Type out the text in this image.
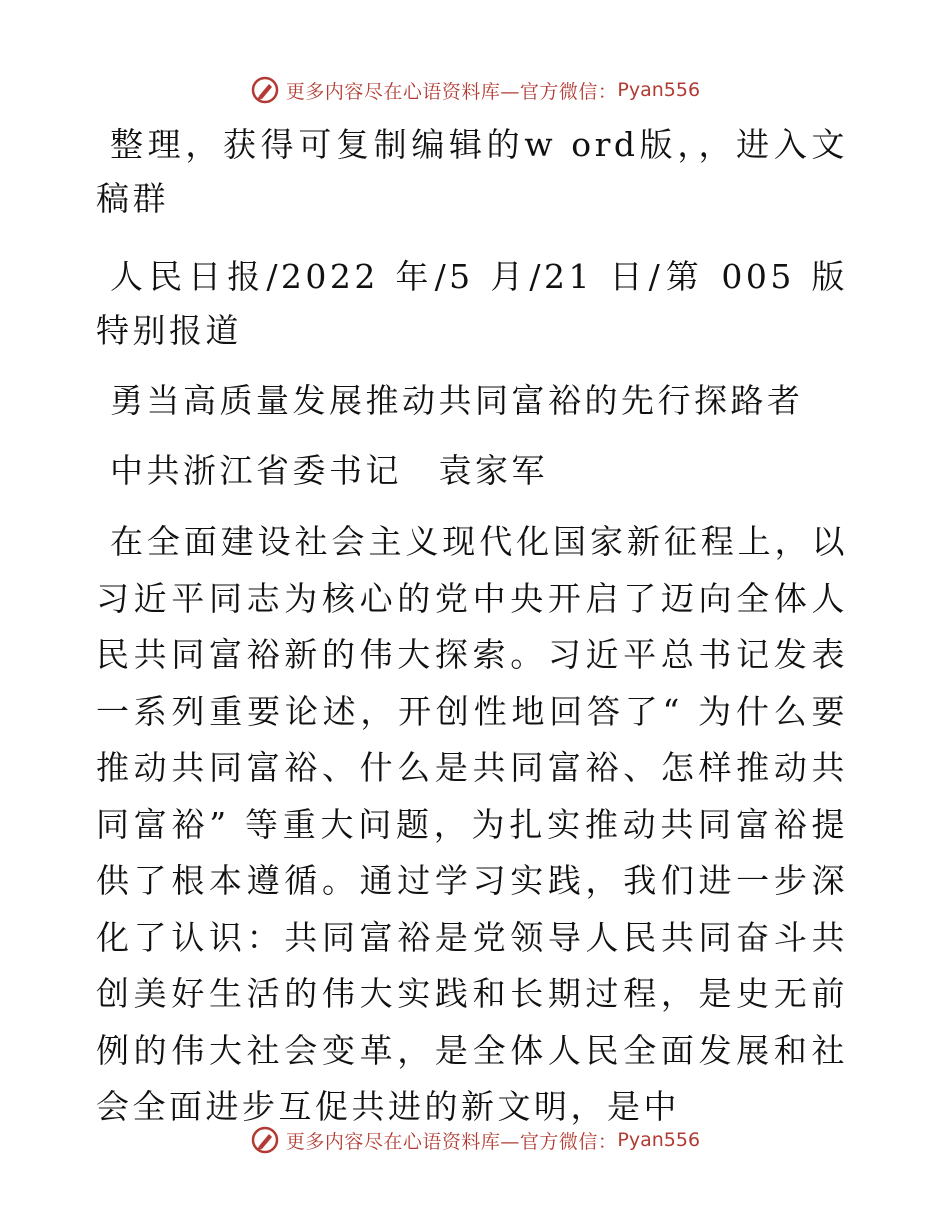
更多内容尽在心语资料库—官方微信： Pyan556

整理，获得可复制编辑的w ord版，，进入文稿群

人民日报/2022 年/5 月/21 日/第 005 版特别报道

勇当高质量发展推动共同富裕的先行探路者

中共浙江省委书记　袁家军

在全面建设社会主义现代化国家新征程上，以习近平同志为核心的党中央开启了迈向全体人民共同富裕新的伟大探索。习近平总书记发表一系列重要论述，开创性地回答了“ 为什么要推动共同富裕、什么是共同富裕、怎样推动共同富裕” 等重大问题，为扎实推动共同富裕提供了根本遵循。通过学习实践，我们进一步深化了认识：共同富裕是党领导人民共同奋斗共创美好生活的伟大实践和长期过程，是史无前例的伟大社会变革，是全体人民全面发展和社会全面进步互促共进的新文明，是中

更多内容尽在心语资料库—官方微信： Pyan556
